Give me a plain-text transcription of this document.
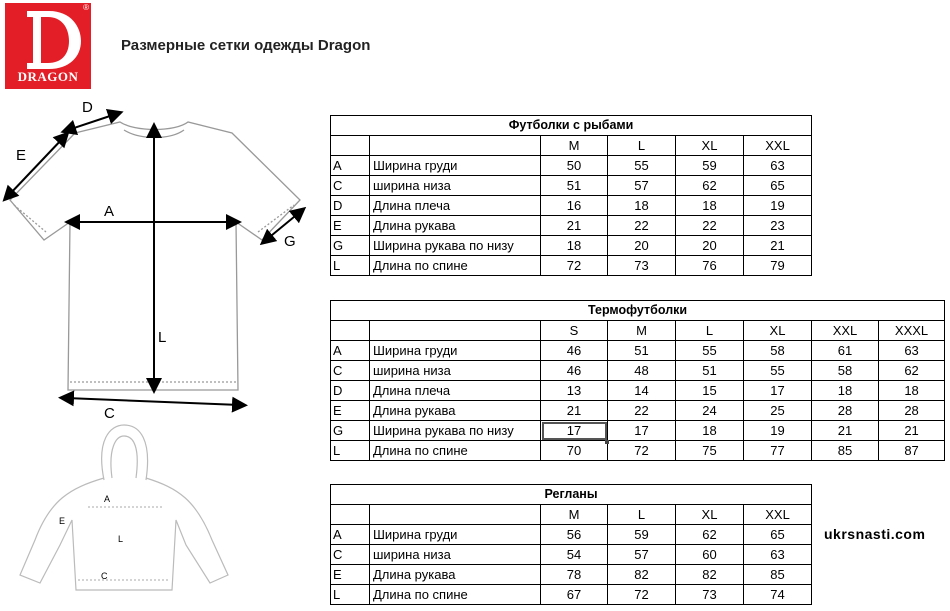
®
DRAGON
Размерные сетки одежды Dragon
D
E
A
G
L
C
A
E
L
C
Футболки с рыбами					
		M	L	XL	XXL
A	Ширина груди	50	55	59	63
C	ширина низа	51	57	62	65
D	Длина плеча	16	18	18	19
E	Длина рукава	21	22	22	23
G	Ширина рукава по низу	18	20	20	21
L	Длина по спине	72	73	76	79
Термофутболки							
		S	M	L	XL	XXL	XXXL
A	Ширина груди	46	51	55	58	61	63
C	ширина низа	46	48	51	55	58	62
D	Длина плеча	13	14	15	17	18	18
E	Длина рукава	21	22	24	25	28	28
G	Ширина рукава по низу	17	17	18	19	21	21
L	Длина по спине	70	72	75	77	85	87
Регланы					
		M	L	XL	XXL
A	Ширина груди	56	59	62	65
C	ширина низа	54	57	60	63
E	Длина рукава	78	82	82	85
L	Длина по спине	67	72	73	74
ukrsnasti.com
